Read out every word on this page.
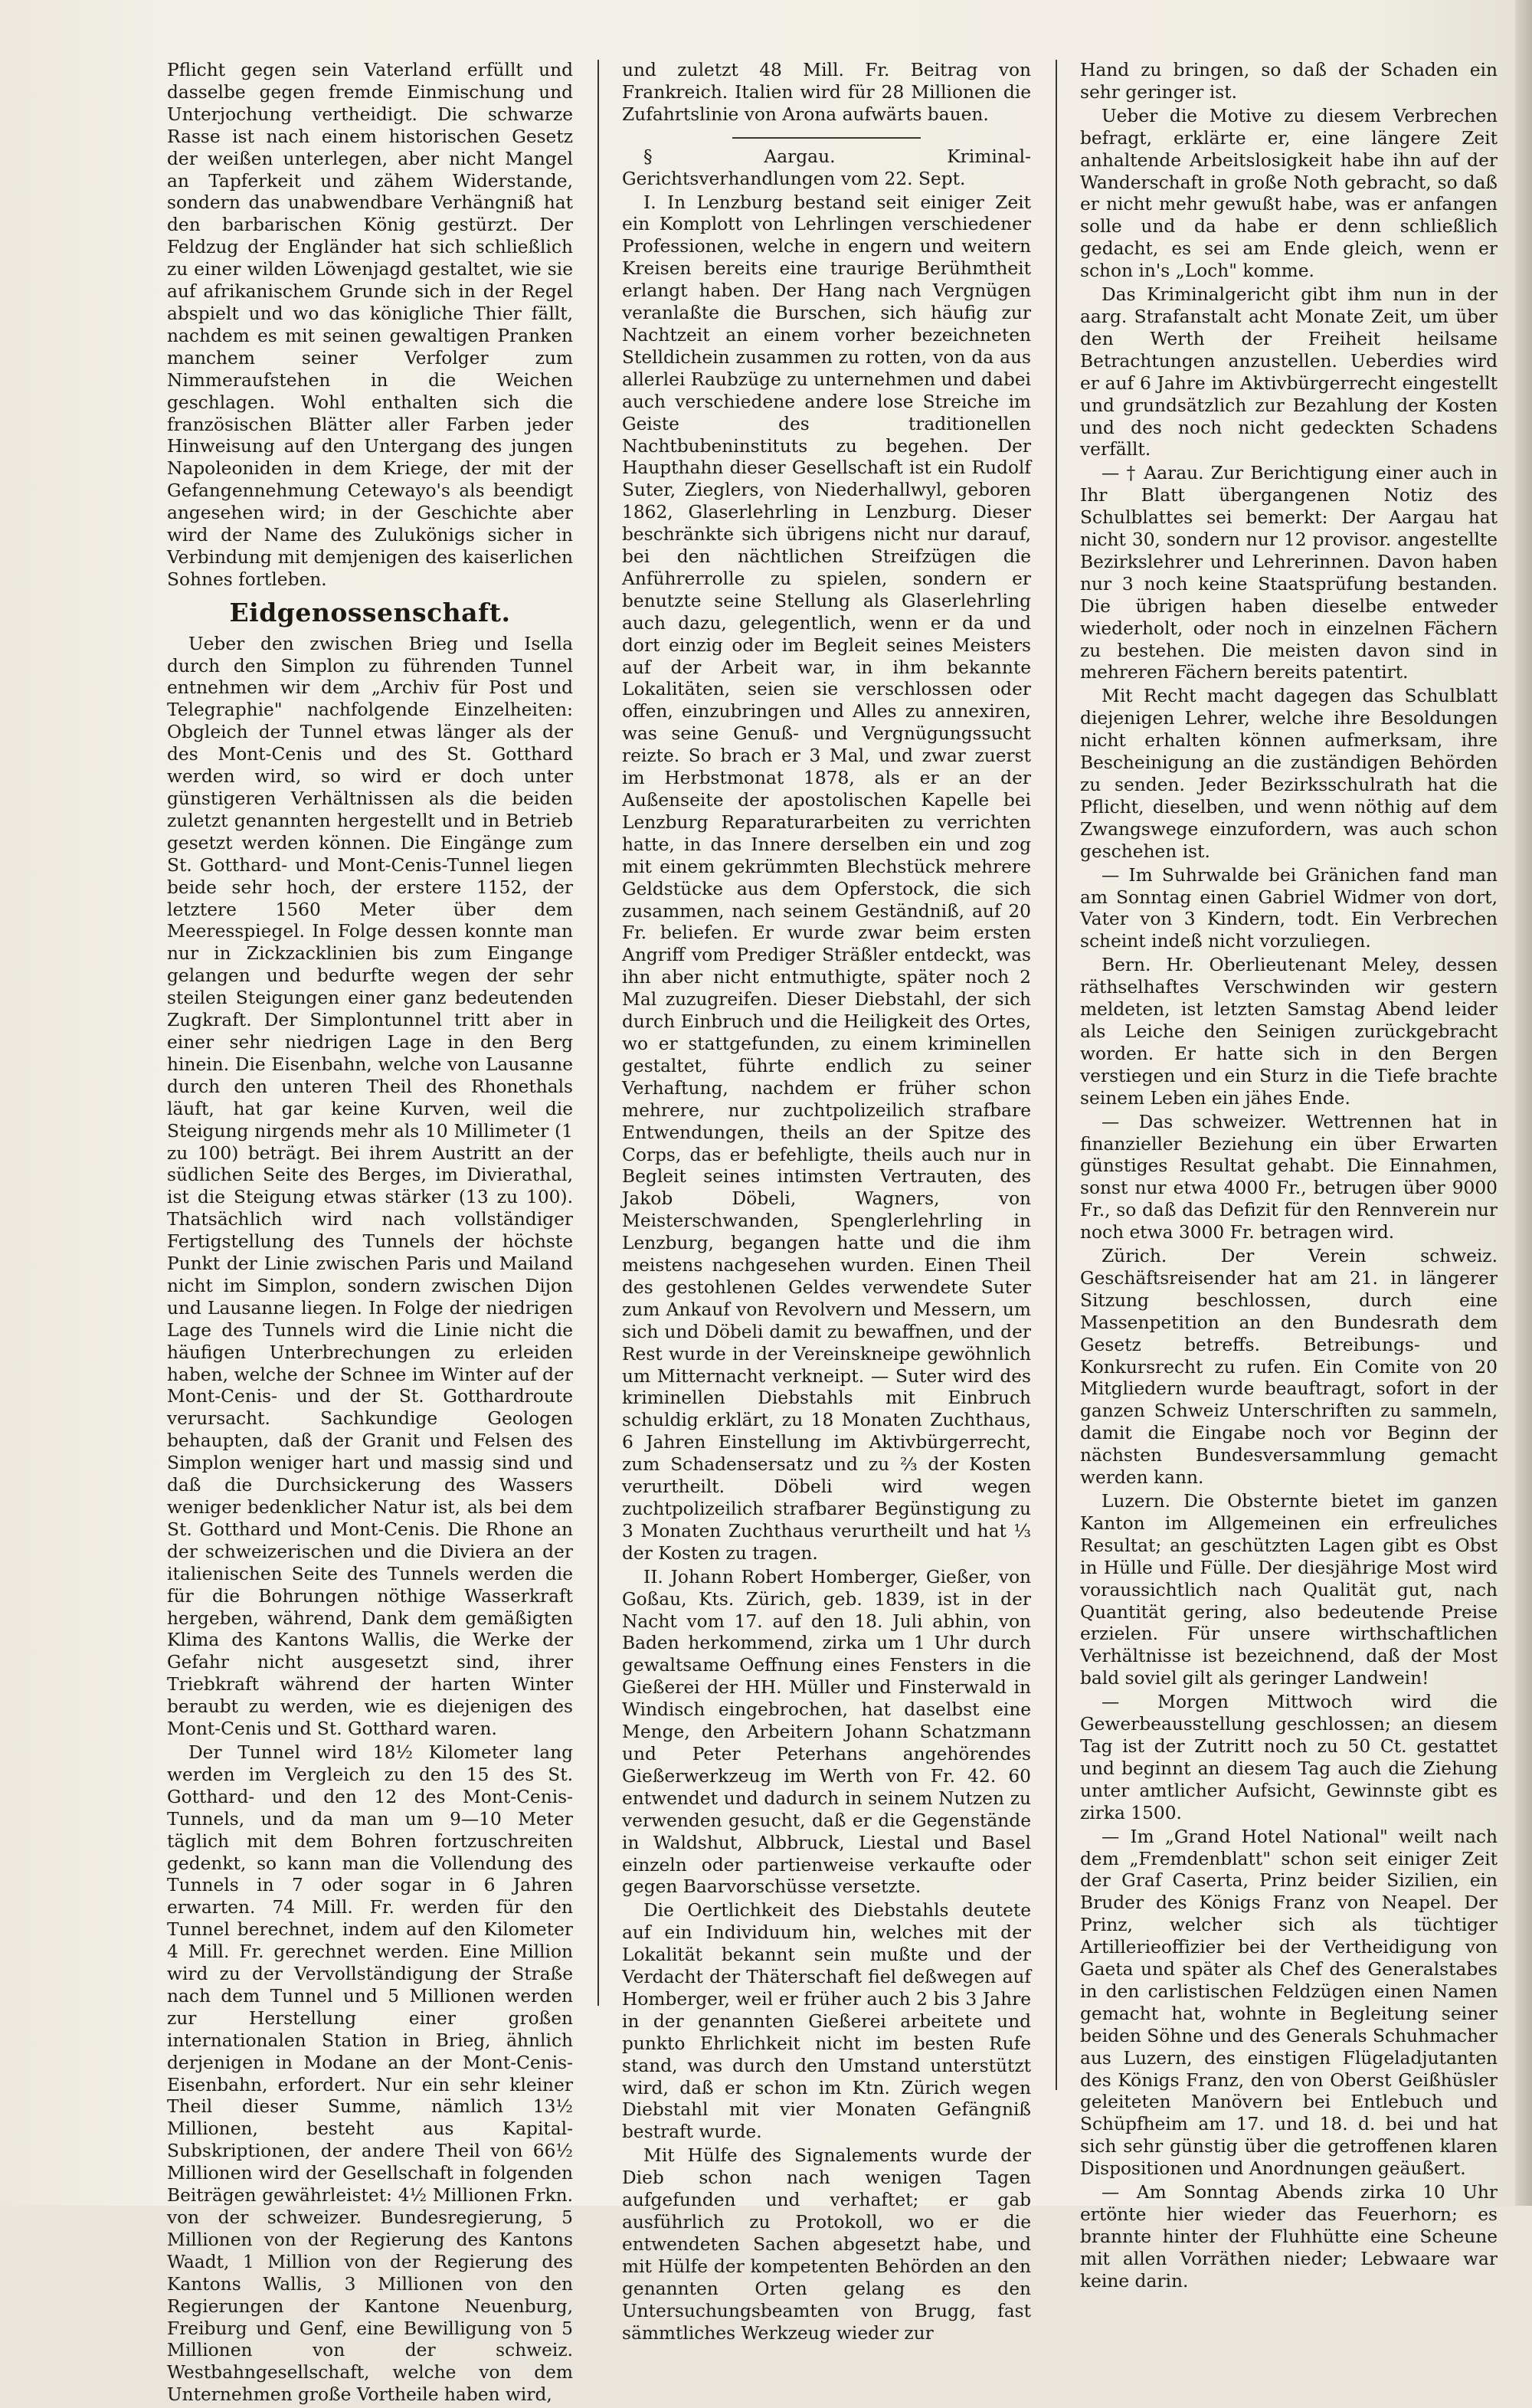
Pflicht gegen sein Vaterland erfüllt und dasselbe gegen fremde Einmischung und Unterjochung vertheidigt. Die schwarze Rasse ist nach einem historischen Gesetz der weißen unterlegen, aber nicht Mangel an Tapferkeit und zähem Widerstande, sondern das unabwendbare Verhängniß hat den barbarischen König gestürzt. Der Feldzug der Engländer hat sich schließlich zu einer wilden Löwenjagd gestaltet, wie sie auf afrikanischem Grunde sich in der Regel abspielt und wo das königliche Thier fällt, nachdem es mit seinen gewaltigen Pranken manchem seiner Verfolger zum Nimmeraufstehen in die Weichen geschlagen. Wohl enthalten sich die französischen Blätter aller Farben jeder Hinweisung auf den Untergang des jungen Napoleoniden in dem Kriege, der mit der Gefangennehmung Cetewayo's als beendigt angesehen wird; in der Geschichte aber wird der Name des Zulukönigs sicher in Verbindung mit demjenigen des kaiserlichen Sohnes fortleben.

Eidgenossenschaft.

Ueber den zwischen Brieg und Isella durch den Simplon zu führenden Tunnel entnehmen wir dem „Archiv für Post und Telegraphie" nachfolgende Einzelheiten: Obgleich der Tunnel etwas länger als der des Mont-Cenis und des St. Gotthard werden wird, so wird er doch unter günstigeren Verhältnissen als die beiden zuletzt genannten hergestellt und in Betrieb gesetzt werden können. Die Eingänge zum St. Gotthard- und Mont-Cenis-Tunnel liegen beide sehr hoch, der erstere 1152, der letztere 1560 Meter über dem Meeresspiegel. In Folge dessen konnte man nur in Zickzacklinien bis zum Eingange gelangen und bedurfte wegen der sehr steilen Steigungen einer ganz bedeutenden Zugkraft. Der Simplontunnel tritt aber in einer sehr niedrigen Lage in den Berg hinein. Die Eisenbahn, welche von Lausanne durch den unteren Theil des Rhonethals läuft, hat gar keine Kurven, weil die Steigung nirgends mehr als 10 Millimeter (1 zu 100) beträgt. Bei ihrem Austritt an der südlichen Seite des Berges, im Divierathal, ist die Steigung etwas stärker (13 zu 100). Thatsächlich wird nach vollständiger Fertigstellung des Tunnels der höchste Punkt der Linie zwischen Paris und Mailand nicht im Simplon, sondern zwischen Dijon und Lausanne liegen. In Folge der niedrigen Lage des Tunnels wird die Linie nicht die häufigen Unterbrechungen zu erleiden haben, welche der Schnee im Winter auf der Mont-Cenis- und der St. Gotthardroute verursacht. Sachkundige Geologen behaupten, daß der Granit und Felsen des Simplon weniger hart und massig sind und daß die Durchsickerung des Wassers weniger bedenklicher Natur ist, als bei dem St. Gotthard und Mont-Cenis. Die Rhone an der schweizerischen und die Diviera an der italienischen Seite des Tunnels werden die für die Bohrungen nöthige Wasserkraft hergeben, während, Dank dem gemäßigten Klima des Kantons Wallis, die Werke der Gefahr nicht ausgesetzt sind, ihrer Triebkraft während der harten Winter beraubt zu werden, wie es diejenigen des Mont-Cenis und St. Gotthard waren.

Der Tunnel wird 18½ Kilometer lang werden im Vergleich zu den 15 des St. Gotthard- und den 12 des Mont-Cenis-Tunnels, und da man um 9—10 Meter täglich mit dem Bohren fortzuschreiten gedenkt, so kann man die Vollendung des Tunnels in 7 oder sogar in 6 Jahren erwarten. 74 Mill. Fr. werden für den Tunnel berechnet, indem auf den Kilometer 4 Mill. Fr. gerechnet werden. Eine Million wird zu der Vervollständigung der Straße nach dem Tunnel und 5 Millionen werden zur Herstellung einer großen internationalen Station in Brieg, ähnlich derjenigen in Modane an der Mont-Cenis-Eisenbahn, erfordert. Nur ein sehr kleiner Theil dieser Summe, nämlich 13½ Millionen, besteht aus Kapital-Subskriptionen, der andere Theil von 66½ Millionen wird der Gesellschaft in folgenden Beiträgen gewährleistet: 4½ Millionen Frkn. von der schweizer. Bundesregierung, 5 Millionen von der Regierung des Kantons Waadt, 1 Million von der Regierung des Kantons Wallis, 3 Millionen von den Regierungen der Kantone Neuenburg, Freiburg und Genf, eine Bewilligung von 5 Millionen von der schweiz. Westbahngesellschaft, welche von dem Unternehmen große Vortheile haben wird,

und zuletzt 48 Mill. Fr. Beitrag von Frankreich. Italien wird für 28 Millionen die Zufahrtslinie von Arona aufwärts bauen.

§ Aargau. Kriminal-Gerichtsverhandlungen vom 22. Sept.

I. In Lenzburg bestand seit einiger Zeit ein Komplott von Lehrlingen verschiedener Professionen, welche in engern und weitern Kreisen bereits eine traurige Berühmtheit erlangt haben. Der Hang nach Vergnügen veranlaßte die Burschen, sich häufig zur Nachtzeit an einem vorher bezeichneten Stelldichein zusammen zu rotten, von da aus allerlei Raubzüge zu unternehmen und dabei auch verschiedene andere lose Streiche im Geiste des traditionellen Nachtbubeninstituts zu begehen. Der Haupthahn dieser Gesellschaft ist ein Rudolf Suter, Zieglers, von Niederhallwyl, geboren 1862, Glaserlehrling in Lenzburg. Dieser beschränkte sich übrigens nicht nur darauf, bei den nächtlichen Streifzügen die Anführerrolle zu spielen, sondern er benutzte seine Stellung als Glaserlehrling auch dazu, gelegentlich, wenn er da und dort einzig oder im Begleit seines Meisters auf der Arbeit war, in ihm bekannte Lokalitäten, seien sie verschlossen oder offen, einzubringen und Alles zu annexiren, was seine Genuß- und Vergnügungssucht reizte. So brach er 3 Mal, und zwar zuerst im Herbstmonat 1878, als er an der Außenseite der apostolischen Kapelle bei Lenzburg Reparaturarbeiten zu verrichten hatte, in das Innere derselben ein und zog mit einem gekrümmten Blechstück mehrere Geldstücke aus dem Opferstock, die sich zusammen, nach seinem Geständniß, auf 20 Fr. beliefen. Er wurde zwar beim ersten Angriff vom Prediger Sträßler entdeckt, was ihn aber nicht entmuthigte, später noch 2 Mal zuzugreifen. Dieser Diebstahl, der sich durch Einbruch und die Heiligkeit des Ortes, wo er stattgefunden, zu einem kriminellen gestaltet, führte endlich zu seiner Verhaftung, nachdem er früher schon mehrere, nur zuchtpolizeilich strafbare Entwendungen, theils an der Spitze des Corps, das er befehligte, theils auch nur in Begleit seines intimsten Vertrauten, des Jakob Döbeli, Wagners, von Meisterschwanden, Spenglerlehrling in Lenzburg, begangen hatte und die ihm meistens nachgesehen wurden. Einen Theil des gestohlenen Geldes verwendete Suter zum Ankauf von Revolvern und Messern, um sich und Döbeli damit zu bewaffnen, und der Rest wurde in der Vereinskneipe gewöhnlich um Mitternacht verkneipt. — Suter wird des kriminellen Diebstahls mit Einbruch schuldig erklärt, zu 18 Monaten Zuchthaus, 6 Jahren Einstellung im Aktivbürgerrecht, zum Schadensersatz und zu ⅔ der Kosten verurtheilt. Döbeli wird wegen zuchtpolizeilich strafbarer Begünstigung zu 3 Monaten Zuchthaus verurtheilt und hat ⅓ der Kosten zu tragen.

II. Johann Robert Homberger, Gießer, von Goßau, Kts. Zürich, geb. 1839, ist in der Nacht vom 17. auf den 18. Juli abhin, von Baden herkommend, zirka um 1 Uhr durch gewaltsame Oeffnung eines Fensters in die Gießerei der HH. Müller und Finsterwald in Windisch eingebrochen, hat daselbst eine Menge, den Arbeitern Johann Schatzmann und Peter Peterhans angehörendes Gießerwerkzeug im Werth von Fr. 42. 60 entwendet und dadurch in seinem Nutzen zu verwenden gesucht, daß er die Gegenstände in Waldshut, Albbruck, Liestal und Basel einzeln oder partienweise verkaufte oder gegen Baarvorschüsse versetzte.

Die Oertlichkeit des Diebstahls deutete auf ein Individuum hin, welches mit der Lokalität bekannt sein mußte und der Verdacht der Thäterschaft fiel deßwegen auf Homberger, weil er früher auch 2 bis 3 Jahre in der genannten Gießerei arbeitete und punkto Ehrlichkeit nicht im besten Rufe stand, was durch den Umstand unterstützt wird, daß er schon im Ktn. Zürich wegen Diebstahl mit vier Monaten Gefängniß bestraft wurde.

Mit Hülfe des Signalements wurde der Dieb schon nach wenigen Tagen aufgefunden und verhaftet; er gab ausführlich zu Protokoll, wo er die entwendeten Sachen abgesetzt habe, und mit Hülfe der kompetenten Behörden an den genannten Orten gelang es den Untersuchungsbeamten von Brugg, fast sämmtliches Werkzeug wieder zur

Hand zu bringen, so daß der Schaden ein sehr geringer ist.

Ueber die Motive zu diesem Verbrechen befragt, erklärte er, eine längere Zeit anhaltende Arbeitslosigkeit habe ihn auf der Wanderschaft in große Noth gebracht, so daß er nicht mehr gewußt habe, was er anfangen solle und da habe er denn schließlich gedacht, es sei am Ende gleich, wenn er schon in's „Loch" komme.

Das Kriminalgericht gibt ihm nun in der aarg. Strafanstalt acht Monate Zeit, um über den Werth der Freiheit heilsame Betrachtungen anzustellen. Ueberdies wird er auf 6 Jahre im Aktivbürgerrecht eingestellt und grundsätzlich zur Bezahlung der Kosten und des noch nicht gedeckten Schadens verfällt.

— † Aarau. Zur Berichtigung einer auch in Ihr Blatt übergangenen Notiz des Schulblattes sei bemerkt: Der Aargau hat nicht 30, sondern nur 12 provisor. angestellte Bezirkslehrer und Lehrerinnen. Davon haben nur 3 noch keine Staatsprüfung bestanden. Die übrigen haben dieselbe entweder wiederholt, oder noch in einzelnen Fächern zu bestehen. Die meisten davon sind in mehreren Fächern bereits patentirt.

Mit Recht macht dagegen das Schulblatt diejenigen Lehrer, welche ihre Besoldungen nicht erhalten können aufmerksam, ihre Bescheinigung an die zuständigen Behörden zu senden. Jeder Bezirksschulrath hat die Pflicht, dieselben, und wenn nöthig auf dem Zwangswege einzufordern, was auch schon geschehen ist.

— Im Suhrwalde bei Gränichen fand man am Sonntag einen Gabriel Widmer von dort, Vater von 3 Kindern, todt. Ein Verbrechen scheint indeß nicht vorzuliegen.

Bern. Hr. Oberlieutenant Meley, dessen räthselhaftes Verschwinden wir gestern meldeten, ist letzten Samstag Abend leider als Leiche den Seinigen zurückgebracht worden. Er hatte sich in den Bergen verstiegen und ein Sturz in die Tiefe brachte seinem Leben ein jähes Ende.

— Das schweizer. Wettrennen hat in finanzieller Beziehung ein über Erwarten günstiges Resultat gehabt. Die Einnahmen, sonst nur etwa 4000 Fr., betrugen über 9000 Fr., so daß das Defizit für den Rennverein nur noch etwa 3000 Fr. betragen wird.

Zürich. Der Verein schweiz. Geschäftsreisender hat am 21. in längerer Sitzung beschlossen, durch eine Massenpetition an den Bundesrath dem Gesetz betreffs. Betreibungs- und Konkursrecht zu rufen. Ein Comite von 20 Mitgliedern wurde beauftragt, sofort in der ganzen Schweiz Unterschriften zu sammeln, damit die Eingabe noch vor Beginn der nächsten Bundesversammlung gemacht werden kann.

Luzern. Die Obsternte bietet im ganzen Kanton im Allgemeinen ein erfreuliches Resultat; an geschützten Lagen gibt es Obst in Hülle und Fülle. Der diesjährige Most wird voraussichtlich nach Qualität gut, nach Quantität gering, also bedeutende Preise erzielen. Für unsere wirthschaftlichen Verhältnisse ist bezeichnend, daß der Most bald soviel gilt als geringer Landwein!

— Morgen Mittwoch wird die Gewerbeausstellung geschlossen; an diesem Tag ist der Zutritt noch zu 50 Ct. gestattet und beginnt an diesem Tag auch die Ziehung unter amtlicher Aufsicht, Gewinnste gibt es zirka 1500.

— Im „Grand Hotel National" weilt nach dem „Fremdenblatt" schon seit einiger Zeit der Graf Caserta, Prinz beider Sizilien, ein Bruder des Königs Franz von Neapel. Der Prinz, welcher sich als tüchtiger Artillerieoffizier bei der Vertheidigung von Gaeta und später als Chef des Generalstabes in den carlistischen Feldzügen einen Namen gemacht hat, wohnte in Begleitung seiner beiden Söhne und des Generals Schuhmacher aus Luzern, des einstigen Flügeladjutanten des Königs Franz, den von Oberst Geißhüsler geleiteten Manövern bei Entlebuch und Schüpfheim am 17. und 18. d. bei und hat sich sehr günstig über die getroffenen klaren Dispositionen und Anordnungen geäußert.

— Am Sonntag Abends zirka 10 Uhr ertönte hier wieder das Feuerhorn; es brannte hinter der Fluhhütte eine Scheune mit allen Vorräthen nieder; Lebwaare war keine darin.
